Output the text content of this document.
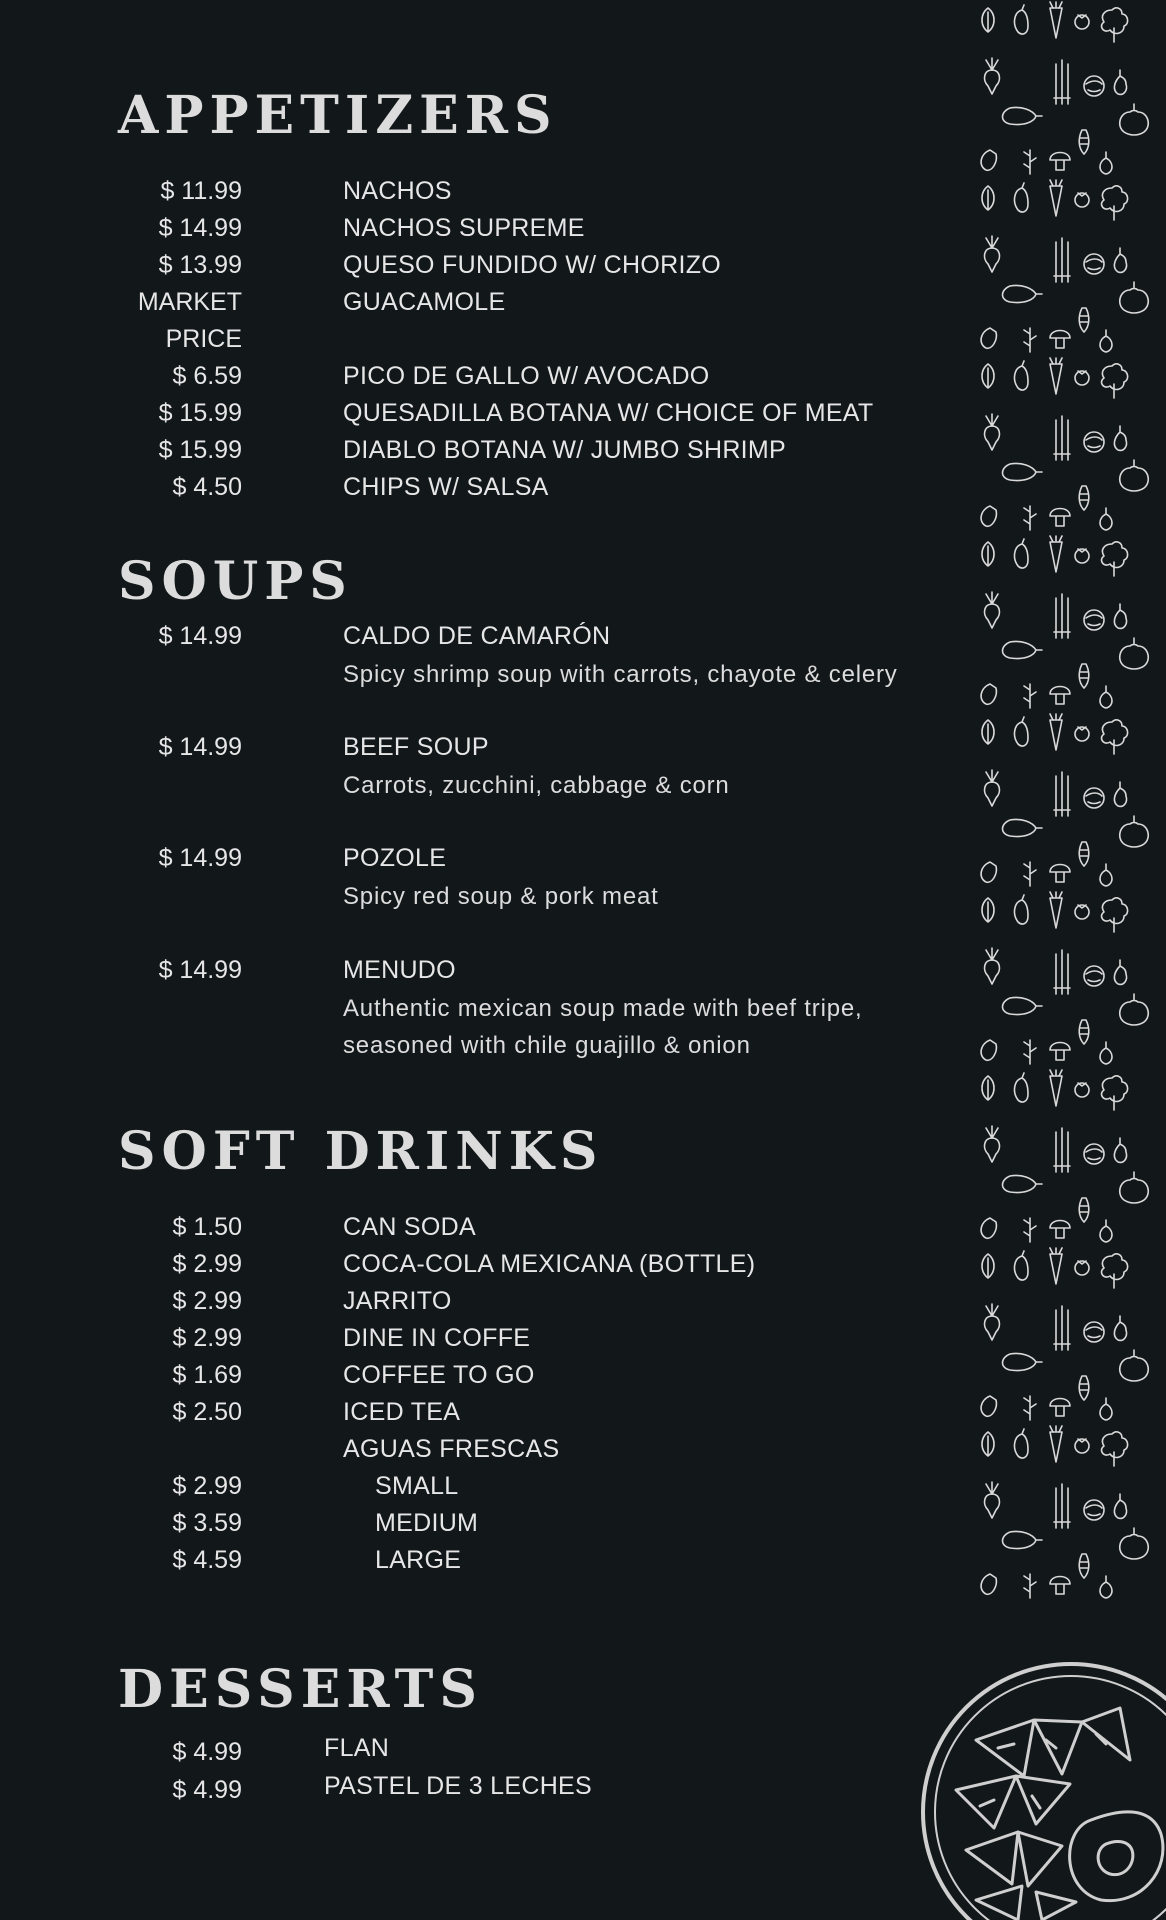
APPETIZERS
$ 11.99	NACHOS
$ 14.99	NACHOS SUPREME
$ 13.99	QUESO FUNDIDO W/ CHORIZO
MARKET	GUACAMOLE
PRICE
$ 6.59	PICO DE GALLO W/ AVOCADO
$ 15.99	QUESADILLA BOTANA W/ CHOICE OF MEAT
$ 15.99	DIABLO BOTANA W/ JUMBO SHRIMP
$ 4.50	CHIPS W/ SALSA
SOUPS
$ 14.99	CALDO DE CAMARÓN
Spicy shrimp soup with carrots, chayote & celery
$ 14.99	BEEF SOUP
Carrots, zucchini, cabbage & corn
$ 14.99	POZOLE
Spicy red soup & pork meat
$ 14.99	MENUDO
Authentic mexican soup made with beef tripe,
seasoned with chile guajillo & onion
SOFT DRINKS
$ 1.50	CAN SODA
$ 2.99	COCA-COLA MEXICANA (BOTTLE)
$ 2.99	JARRITO
$ 2.99	DINE IN COFFE
$ 1.69	COFFEE TO GO
$ 2.50	ICED TEA
AGUAS FRESCAS
$ 2.99	SMALL
$ 3.59	MEDIUM
$ 4.59	LARGE
DESSERTS
$ 4.99	FLAN
$ 4.99	PASTEL DE 3 LECHES
